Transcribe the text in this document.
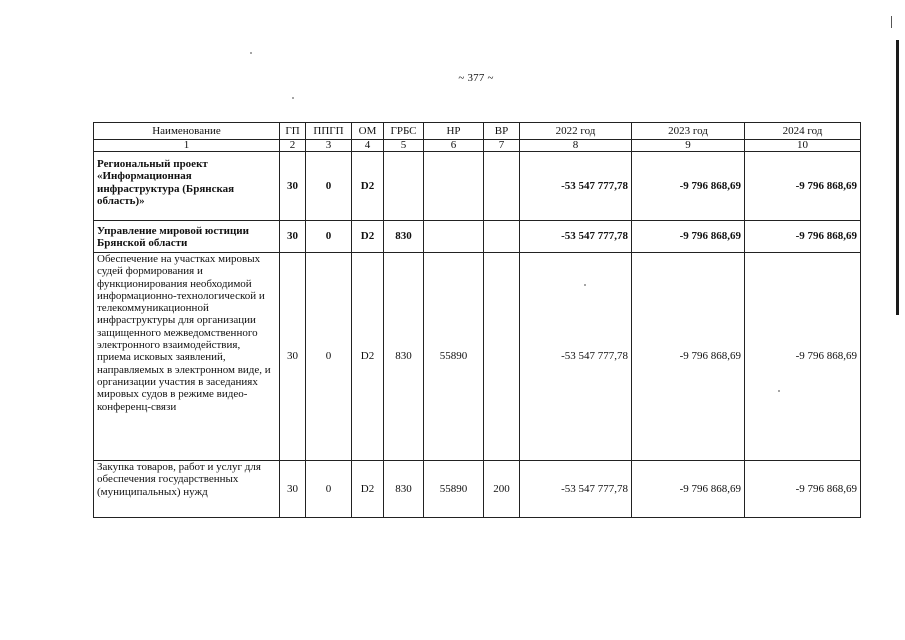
~ 377 ~
Наименование	ГП	ППГП	ОМ	ГРБС	НР	ВР	2022 год	2023 год	2024 год
1	2	3	4	5	6	7	8	9	10
Региональный проект «Информационная инфраструктура (Брянская область)»	30	0	D2				-53 547 777,78	-9 796 868,69	-9 796 868,69
Управление мировой юстиции Брянской области	30	0	D2	830			-53 547 777,78	-9 796 868,69	-9 796 868,69
Обеспечение на участках мировых судей формирования и функционирования необходимой информационно-технологической и телекоммуникационной инфраструктуры для организации защищенного межведомственного электронного взаимодействия, приема исковых заявлений, направляемых в электронном виде, и организации участия в заседаниях мировых судов в режиме видео-конференц-связи	30	0	D2	830	55890		-53 547 777,78	-9 796 868,69	-9 796 868,69
Закупка товаров, работ и услуг для обеспечения государственных (муниципальных) нужд	30	0	D2	830	55890	200	-53 547 777,78	-9 796 868,69	-9 796 868,69
